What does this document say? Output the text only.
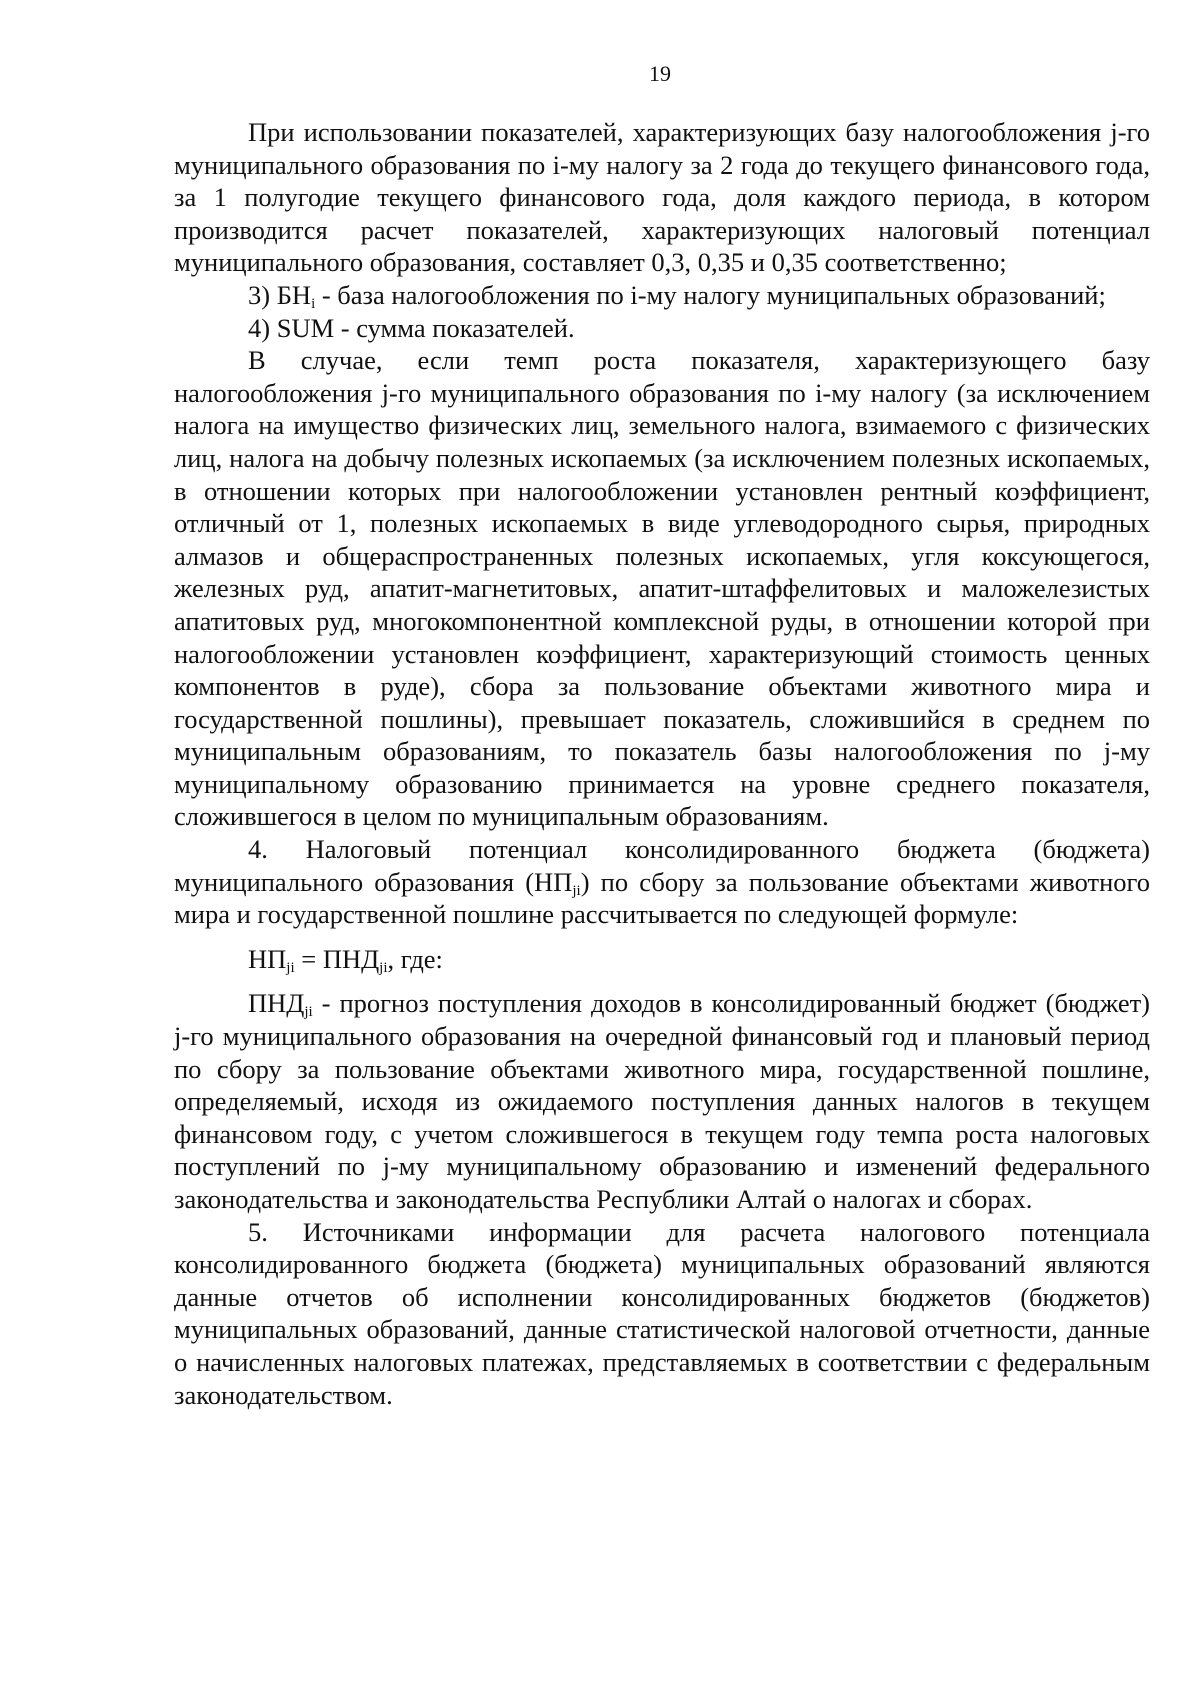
19

При использовании показателей, характеризующих базу налогообложения j-го муниципального образования по i-му налогу за 2 года до текущего финансового года, за 1 полугодие текущего финансового года, доля каждого периода, в котором производится расчет показателей, характеризующих налоговый потенциал муниципального образования, составляет 0,3, 0,35 и 0,35 соответственно;

3) $БН_i$ - база налогообложения по i-му налогу муниципальных образований;

4) SUM - сумма показателей.

В случае, если темп роста показателя, характеризующего базу налогообложения j-го муниципального образования по i-му налогу (за исключением налога на имущество физических лиц, земельного налога, взимаемого с физических лиц, налога на добычу полезных ископаемых (за исключением полезных ископаемых, в отношении которых при налогообложении установлен рентный коэффициент, отличный от 1, полезных ископаемых в виде углеводородного сырья, природных алмазов и общераспространенных полезных ископаемых, угля коксующегося, железных руд, апатит-магнетитовых, апатит-штаффелитовых и маложелезистых апатитовых руд, многокомпонентной комплексной руды, в отношении которой при налогообложении установлен коэффициент, характеризующий стоимость ценных компонентов в руде), сбора за пользование объектами животного мира и государственной пошлины), превышает показатель, сложившийся в среднем по муниципальным образованиям, то показатель базы налогообложения по j-му муниципальному образованию принимается на уровне среднего показателя, сложившегося в целом по муниципальным образованиям.

4. Налоговый потенциал консолидированного бюджета (бюджета) муниципального образования $(НП_{ji})$ по сбору за пользование объектами животного мира и государственной пошлине рассчитывается по следующей формуле:

$НП_{ji} = ПНД_{ji}$, где:

$ПНД_{ji}$ - прогноз поступления доходов в консолидированный бюджет (бюджет) j-го муниципального образования на очередной финансовый год и плановый период по сбору за пользование объектами животного мира, государственной пошлине, определяемый, исходя из ожидаемого поступления данных налогов в текущем финансовом году, с учетом сложившегося в текущем году темпа роста налоговых поступлений по j-му муниципальному образованию и изменений федерального законодательства и законодательства Республики Алтай о налогах и сборах.

5. Источниками информации для расчета налогового потенциала консолидированного бюджета (бюджета) муниципальных образований являются данные отчетов об исполнении консолидированных бюджетов (бюджетов) муниципальных образований, данные статистической налоговой отчетности, данные о начисленных налоговых платежах, представляемых в соответствии с федеральным законодательством.
